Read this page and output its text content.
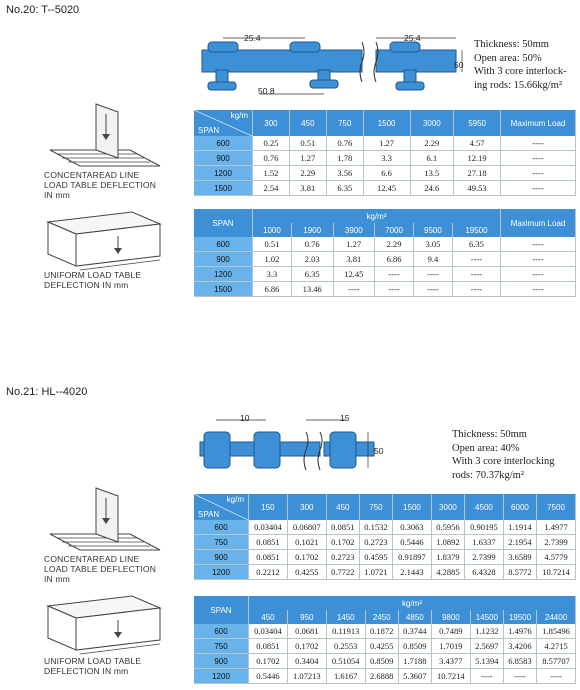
No.20: T--5020
25.4	25.4
50.8
50
Thickness: 50mm
Open area: 50%
With 3 core interlock-
ing rods: 15.66kg/m²
CONCENTAREAD LINE
LOAD TABLE DEFLECTION
IN mm
kg/m
SPAN	300	450	750	1500	3000	5950	Maximum Load
600	0.25	0.51	0.76	1.27	2.29	4.57	----
900	0.76	1.27	1.78	3.3	6.1	12.19	----
1200	1.52	2.29	3.56	6.6	13.5	27.18	----
1500	2.54	3.81	6.35	12.45	24.6	49.53	----
UNIFORM LOAD TABLE
DEFLECTION IN mm
SPAN	kg/m²						Maximum Load
	1000	1900	3900	7000	9500	19500	
600	0.51	0.76	1.27	2.29	3.05	6.35	----
900	1.02	2.03	3.81	6.86	9.4	----	----
1200	3.3	6.35	12.45	----	----	----	----
1500	6.86	13.46	----	----	----	----	----
No.21: HL--4020
10	15
50
Thickness: 50mm
Open area: 40%
With 3 core interlocking
rods: 70.37kg/m²
CONCENTAREAD LINE
LOAD TABLE DEFLECTION
IN mm
kg/m
SPAN	150	300	450	750	1500	3000	4500	6000	7500
600	0.03404	0.06807	0.0851	0.1532	0.3063	0.5956	0.90195	1.1914	1.4977
750	0.0851	0.1021	0.1702	0.2723	0.5446	1.0892	1.6337	2.1954	2.7399
900	0.0851	0.1702	0.2723	0.4595	0.91897	1.8379	2.7399	3.6589	4.5779
1200	0.2212	0.4255	0.7722	1.0721	2.1443	4.2885	6.4328	8.5772	10.7214
UNIFORM LOAD TABLE
DEFLECTION IN mm
SPAN	kg/m²								
	450	950	1450	2450	4850	9800	14500	19500	24400
600	0.03404	0.0681	0.11913	0.1872	0.3744	0.7489	1.1232	1.4976	1.85496
750	0.0851	0.1702	0.2553	0.4255	0.8509	1.7019	2.5697	3.4206	4.2715
900	0.1702	0.3404	0.51054	0.8509	1.7188	3.4377	5.1394	6.8583	8.57707
1200	0.5446	1.07213	1.6167	2.6888	5.3607	10.7214	----	----	----
